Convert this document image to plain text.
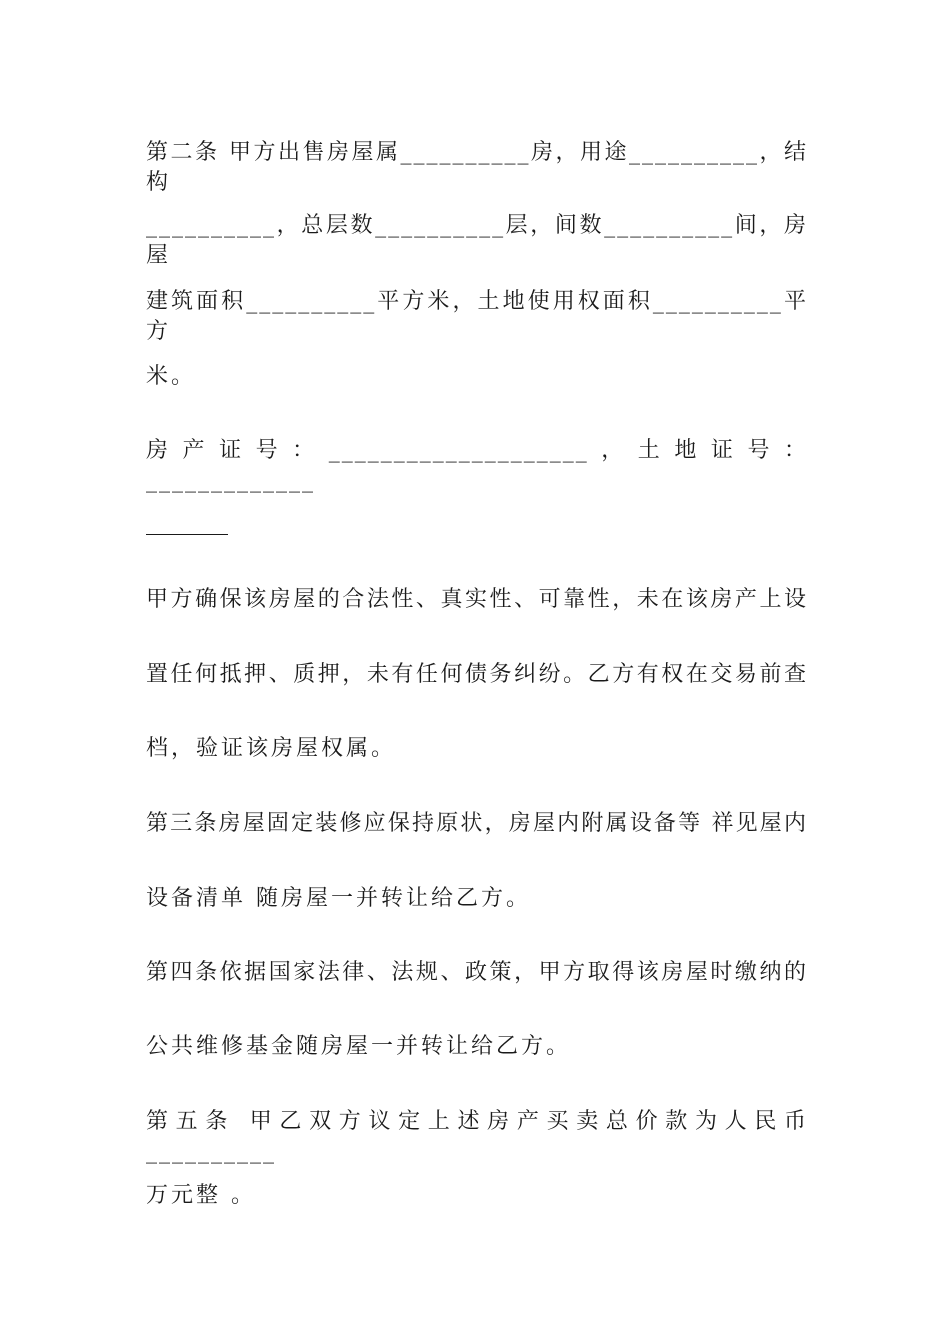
第二条 甲方出售房屋属__________房，用途__________，结构
__________，总层数__________层，间数__________间，房屋
建筑面积__________平方米，土地使用权面积__________平方
米。
房产证号：____________________，土地证号：_____________
甲方确保该房屋的合法性、真实性、可靠性，未在该房产上设
置任何抵押、质押，未有任何债务纠纷。乙方有权在交易前查
档，验证该房屋权属。
第三条房屋固定装修应保持原状，房屋内附属设备等 祥见屋内
设备清单 随房屋一并转让给乙方。
第四条依据国家法律、法规、政策，甲方取得该房屋时缴纳的
公共维修基金随房屋一并转让给乙方。
第五条 甲乙双方议定上述房产买卖总价款为人民币__________
万元整 。
